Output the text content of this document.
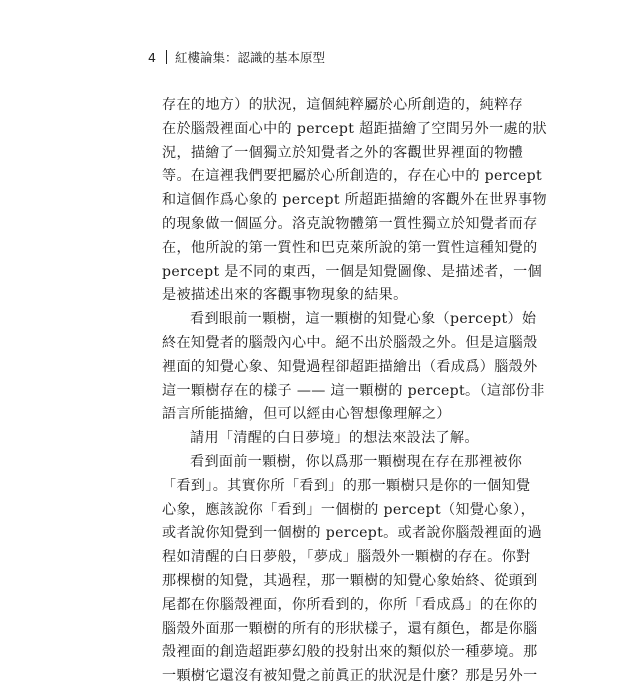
4 紅樓論集：認識的基本原型
存在的地方）的狀況，這個純粹屬於心所創造的，純粹存
在於腦殼裡面心中的 percept 超距描繪了空間另外一處的狀
況，描繪了一個獨立於知覺者之外的客觀世界裡面的物體
等。在這裡我們要把屬於心所創造的，存在心中的 percept
和這個作爲心象的 percept 所超距描繪的客觀外在世界事物
的現象做一個區分。洛克說物體第一質性獨立於知覺者而存
在，他所說的第一質性和巴克萊所說的第一質性這種知覺的
percept 是不同的東西，一個是知覺圖像、是描述者，一個
是被描述出來的客觀事物現象的結果。
看到眼前一顆樹，這一顆樹的知覺心象（percept）始
終在知覺者的腦殼內心中。絕不出於腦殼之外。但是這腦殼
裡面的知覺心象、知覺過程卻超距描繪出（看成爲）腦殼外
這一顆樹存在的樣子 —— 這一顆樹的 percept。（這部份非
語言所能描繪，但可以經由心智想像理解之）
請用「清醒的白日夢境」的想法來設法了解。
看到面前一顆樹，你以爲那一顆樹現在存在那裡被你
「看到」。其實你所「看到」的那一顆樹只是你的一個知覺
心象，應該說你「看到」一個樹的 percept（知覺心象），
或者說你知覺到一個樹的 percept。或者說你腦殼裡面的過
程如清醒的白日夢般，「夢成」腦殼外一顆樹的存在。你對
那棵樹的知覺，其過程，那一顆樹的知覺心象始終、從頭到
尾都在你腦殼裡面，你所看到的，你所「看成爲」的在你的
腦殼外面那一顆樹的所有的形狀樣子，還有顏色，都是你腦
殼裡面的創造超距夢幻般的投射出來的類似於一種夢境。那
一顆樹它還沒有被知覺之前眞正的狀況是什麼？那是另外一
